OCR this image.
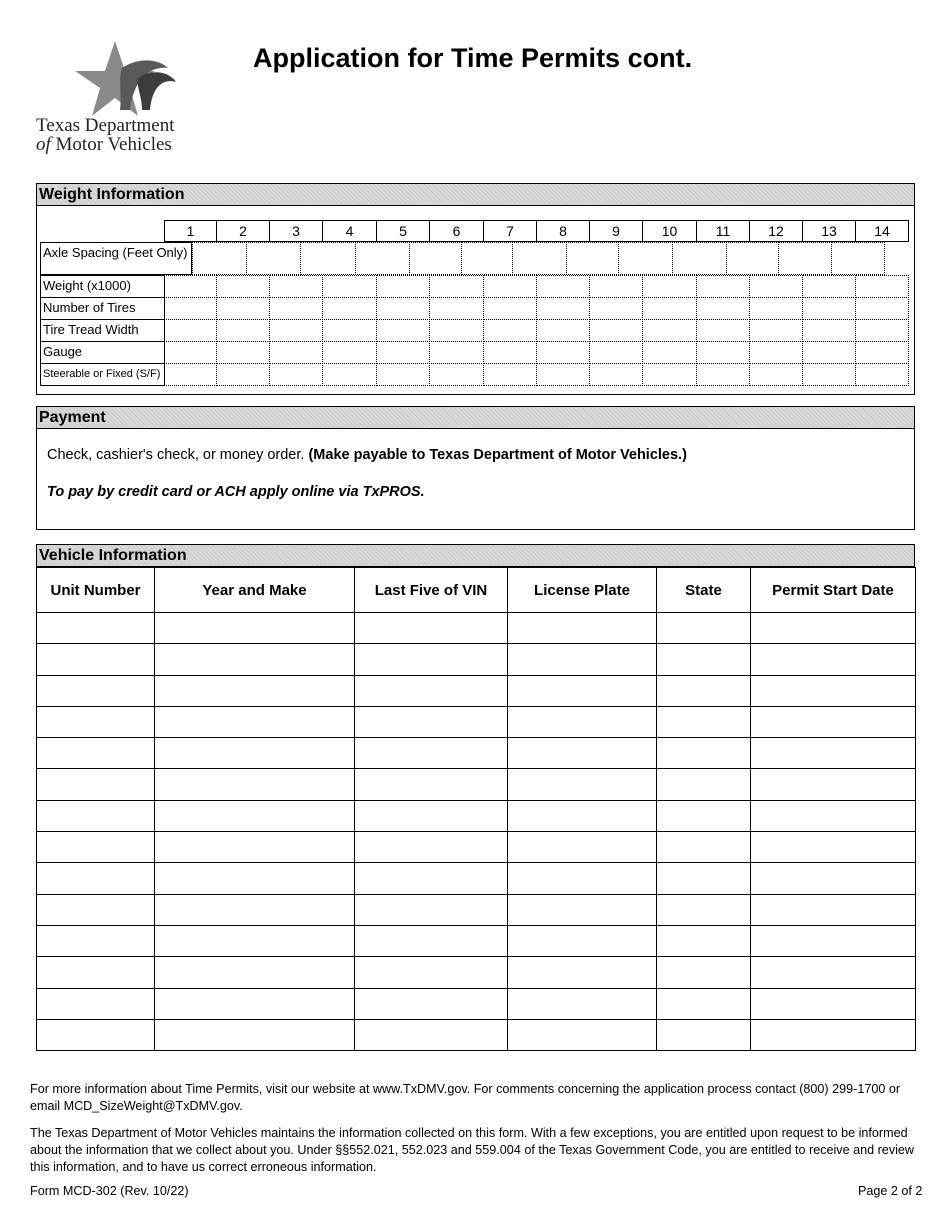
Texas Department
of Motor Vehicles
Application for Time Permits cont.
Weight Information
1	2	3	4	5	6	7	8	9	10	11	12	13	14
Axle Spacing (Feet Only)
Weight (x1000)
Number of Tires
Tire Tread Width
Gauge
Steerable or Fixed (S/F)
Payment
Check, cashier's check, or money order. (Make payable to Texas Department of Motor Vehicles.)
To pay by credit card or ACH apply online via TxPROS.
Vehicle Information
Unit Number	Year and Make	Last Five of VIN	License Plate	State	Permit Start Date

For more information about Time Permits, visit our website at www.TxDMV.gov. For comments concerning the application process contact (800) 299-1700 or email MCD_SizeWeight@TxDMV.gov.
The Texas Department of Motor Vehicles maintains the information collected on this form. With a few exceptions, you are entitled upon request to be informed about the information that we collect about you. Under §§552.021, 552.023 and 559.004 of the Texas Government Code, you are entitled to receive and review this information, and to have us correct erroneous information.
Form MCD-302 (Rev. 10/22)	Page 2 of 2
